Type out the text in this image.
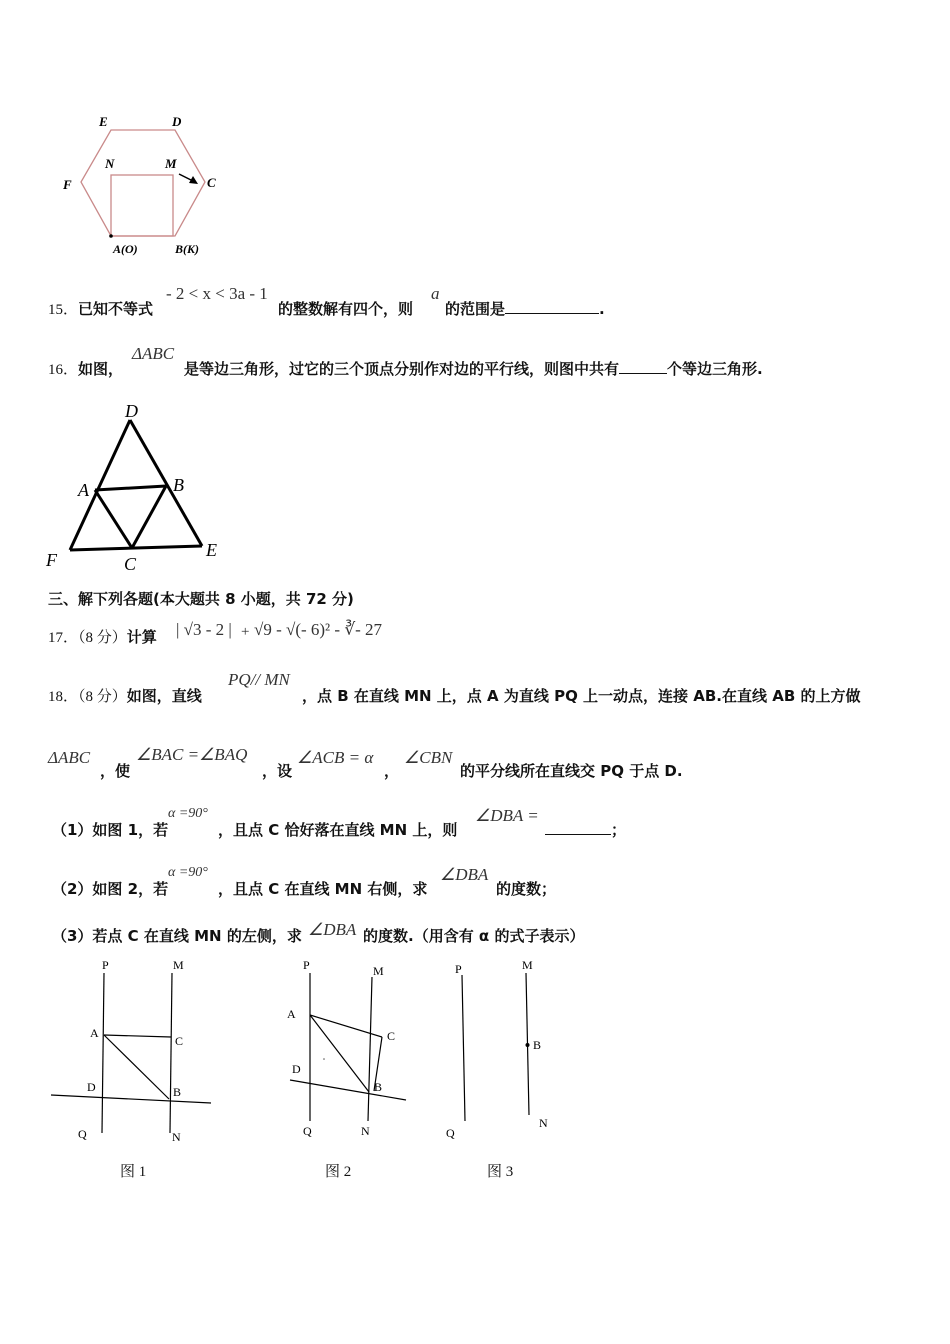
E	D
N	M
F	C
A(O)	B(K)
15．已知不等式
- 2 < x < 3a - 1
的整数解有四个，则
a
的范围是	.
16．如图，
ΔABC
是等边三角形，过它的三个顶点分别作对边的平行线，则图中共有	个等边三角形.
D
A	B
F	C
E
三、解下列各题(本大题共 8 小题，共 72 分)
17．（8 分）计算 | √3 - 2 | + √9 - √(- 6)² - ∛- 27
18．（8 分）如图，直线
PQ// MN
，点 B 在直线 MN 上，点 A 为直线 PQ 上一动点，连接 AB.在直线 AB 的上方做
ΔABC
，使
∠BAC =∠BAQ
，设
∠ACB = α
，
∠CBN
的平分线所在直线交 PQ 于点 D.
（1）如图 1，若
α =90°
，且点 C 恰好落在直线 MN 上，则
∠DBA =
；
（2）如图 2，若
α =90°
，且点 C 在直线 MN 右侧，求
∠DBA
的度数；
（3）若点 C 在直线 MN 的左侧，求 ∠DBA 的度数.（用含有 α 的式子表示）
P	M
A
C
D	B
Q	N
图 1
P	M
A
C
D
B
Q	N
图 2
P	M
B
Q
N
图 3
